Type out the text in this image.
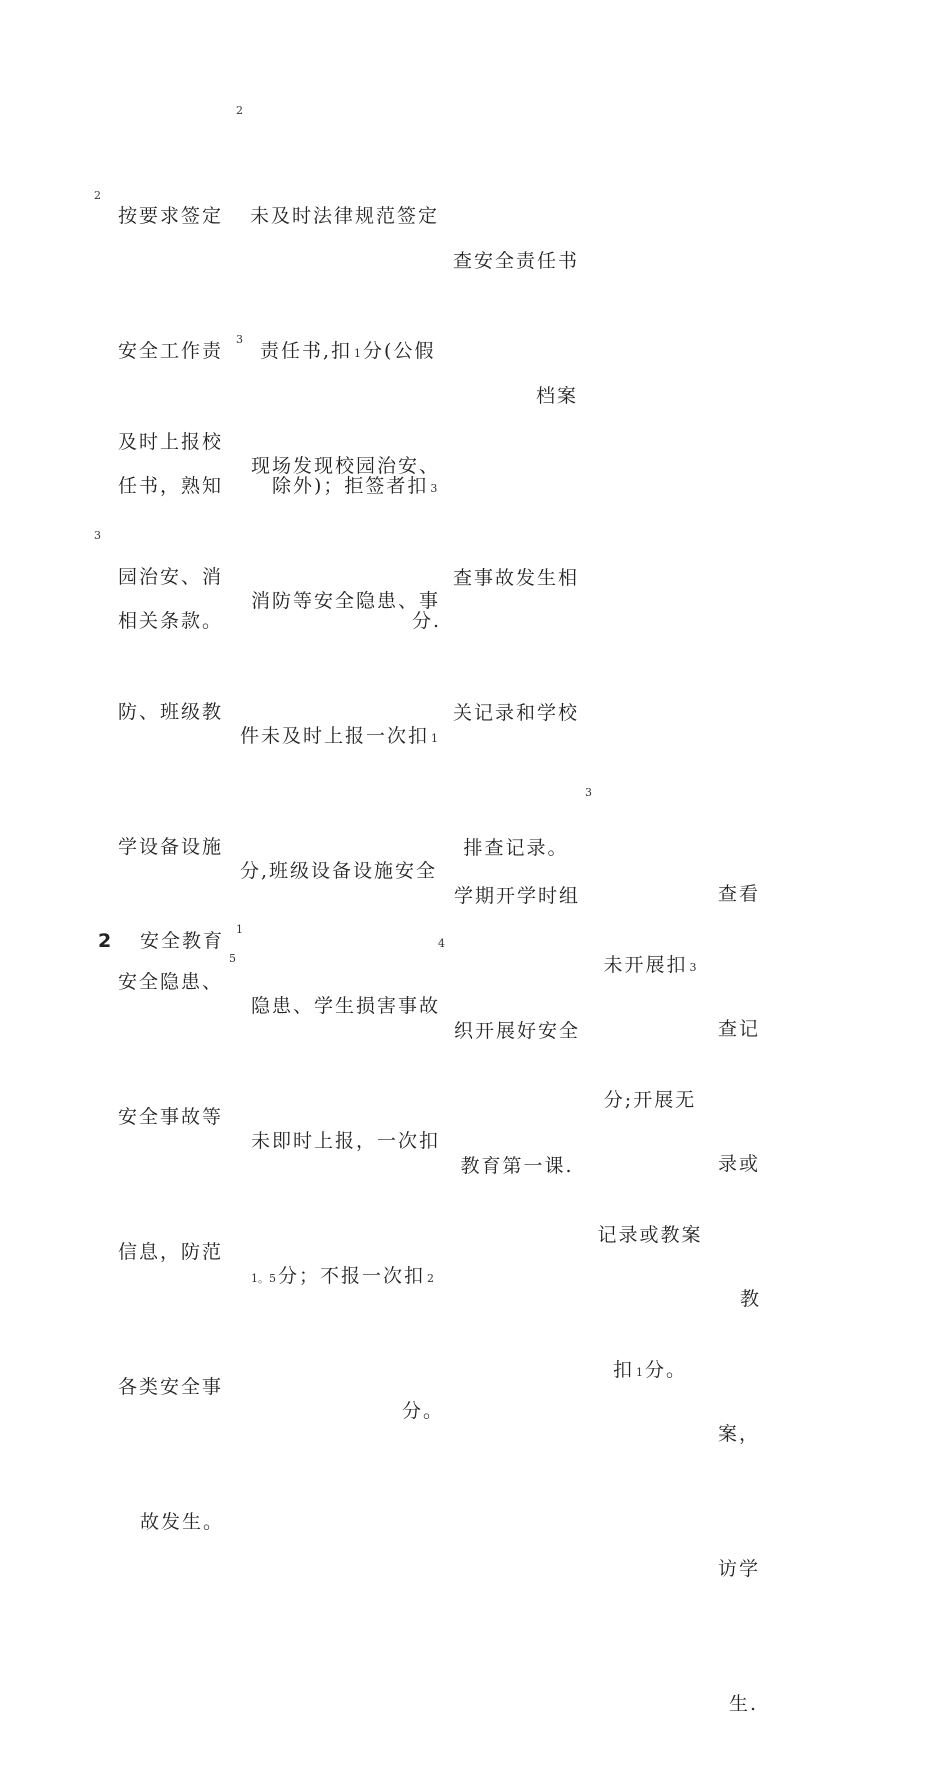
2

按要求签定

安全工作责

任书，熟知

相关条款。

2

未及时法律规范签定

责任书,扣 1 分(公假

除外)；拒签者扣 3

分.

查安全责任书

档案

3

及时上报校

园治安、消

防、班级教

学设备设施

安全隐患、

安全事故等

信息，防范

各类安全事

故发生。

3

现场发现校园治安、

消防等安全隐患、事

件未及时上报一次扣 1

分,班级设备设施安全

隐患、学生损害事故

未即时上报，一次扣

1。5 分；不报一次扣 2

分。

查事故发生相

关记录和学校

排查记录。

2 安全教育
1
5
4

学期开学时组

织开展好安全

教育第一课.

3

未开展扣 3

分;开展无

记录或教案

扣 1 分。

查看

查记

录或

教

案，

访学

生.
